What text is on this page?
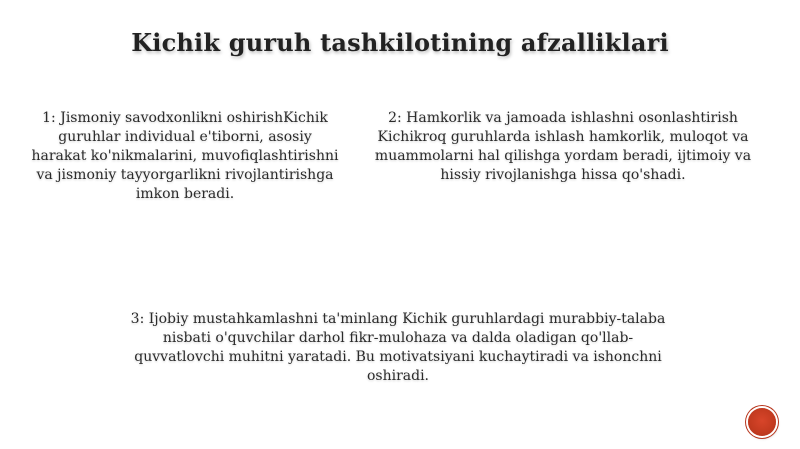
Kichik guruh tashkilotining afzalliklari
1: Jismoniy savodxonlikni oshirishKichik guruhlar individual e'tiborni, asosiy harakat ko'nikmalarini, muvofiqlashtirishni va jismoniy tayyorgarlikni rivojlantirishga imkon beradi.
2: Hamkorlik va jamoada ishlashni osonlashtirish Kichikroq guruhlarda ishlash hamkorlik, muloqot va muammolarni hal qilishga yordam beradi, ijtimoiy va hissiy rivojlanishga hissa qo'shadi.
3: Ijobiy mustahkamlashni ta'minlang Kichik guruhlardagi murabbiy-talaba nisbati o'quvchilar darhol fikr-mulohaza va dalda oladigan qo'llab-quvvatlovchi muhitni yaratadi. Bu motivatsiyani kuchaytiradi va ishonchni oshiradi.
